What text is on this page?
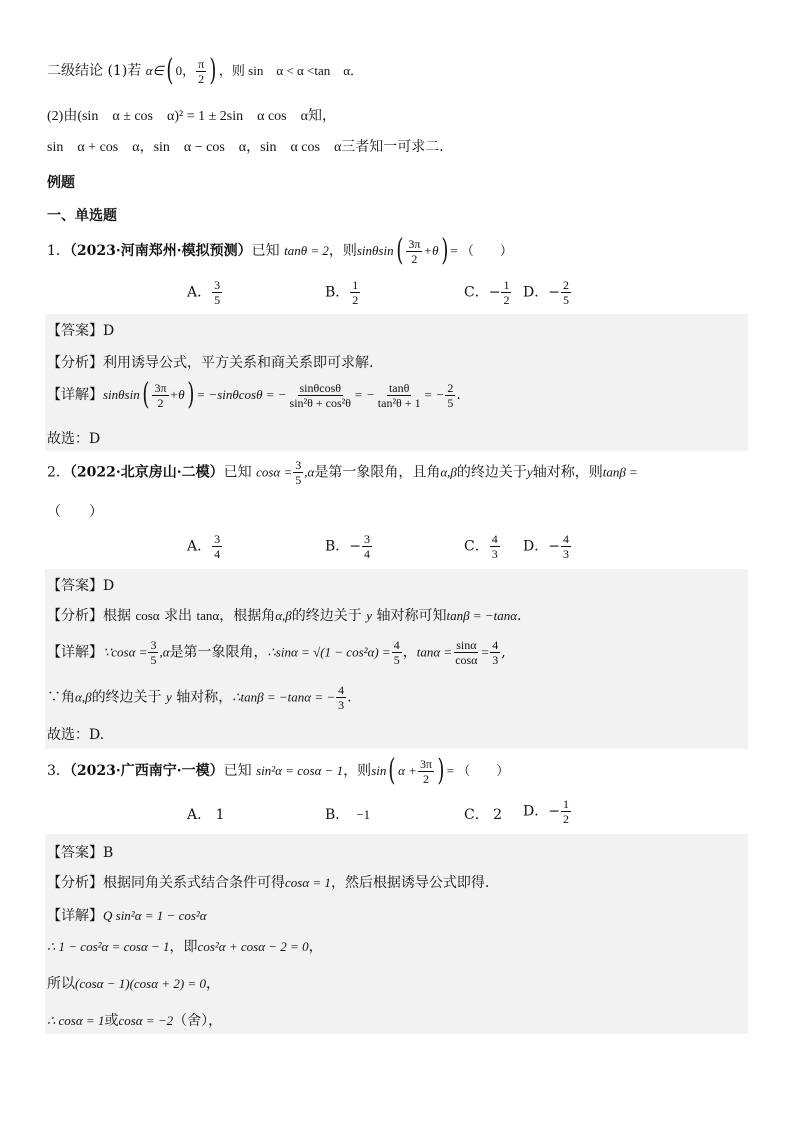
二级结论 (1)若 α∈( 0， $\frac{\pi}{2}$ ) ，则 sin　α < α <tan　α．
(2)由(sin　α ± cos　α)² = 1 ± 2sin　α cos　α知，
sin　α + cos　α，sin　α − cos　α，sin　α cos　α三者知一可求二．
例题
一、单选题
1．（2023·河南郑州·模拟预测）已知 tanθ = 2，则$\sin\theta\sin( \frac{3\pi}{2} +\theta)$ = （　　）
A． $\frac{3}{5}$	B． $\frac{1}{2}$	C．− $\frac{1}{2}$ D．− $\frac{2}{5}$
【答案】D
【分析】利用诱导公式，平方关系和商关系即可求解.
【详解】$\sin\theta\sin( \frac{3\pi}{2} +\theta) = -\sin\theta\cos\theta$ = − $\frac{\sin\theta\cos\theta}{\text{sin²θ + cos²θ}}$ = − $\frac{\tan\theta}{\text{tan²θ + 1}}$ = − $\frac{2}{5}$ .
故选：D
2．（2022·北京房山·二模）已知 $\cos\alpha = \frac{3}{5} ,\alpha$是第一象限角，且角α,β的终边关于y轴对称，则tanβ =
（　　）
A． $\frac{3}{4}$	B．− $\frac{3}{4}$	C． $\frac{4}{3}$ D．− $\frac{4}{3}$
【答案】D
【分析】根据 cosα 求出 tanα，根据角α,β的终边关于 y 轴对称可知tanβ = −tanα.
【详解】∵cosα = $\frac{3}{5} ,\alpha$是第一象限角，∴sinα = $√(1 - \cos^2\alpha) = \frac{4}{5}$ ，$\tan\alpha = \frac{\sin\alpha}{\cos\alpha} = \frac{4}{3}$ ,
∵角α,β的终边关于 y 轴对称，∴tanβ = −tanα = − $\frac{4}{3}$ .
故选：D.
3．（2023·广西南宁·一模）已知 sin²α = cosα − 1，则sin( $\alpha + \frac{3\pi}{2}$ ) = （　　）
A． 1	B．　 −1	C． 2 D．− $\frac{1}{2}$
【答案】B
【分析】根据同角关系式结合条件可得cosα = 1，然后根据诱导公式即得.
【详解】Q sin²α = 1 − cos²α
∴ 1 − cos²α = cosα − 1，即cos²α + cosα − 2 = 0，
所以(cosα − 1)(cosα + 2) = 0，
∴ cosα = 1或cosα = −2（舍），
